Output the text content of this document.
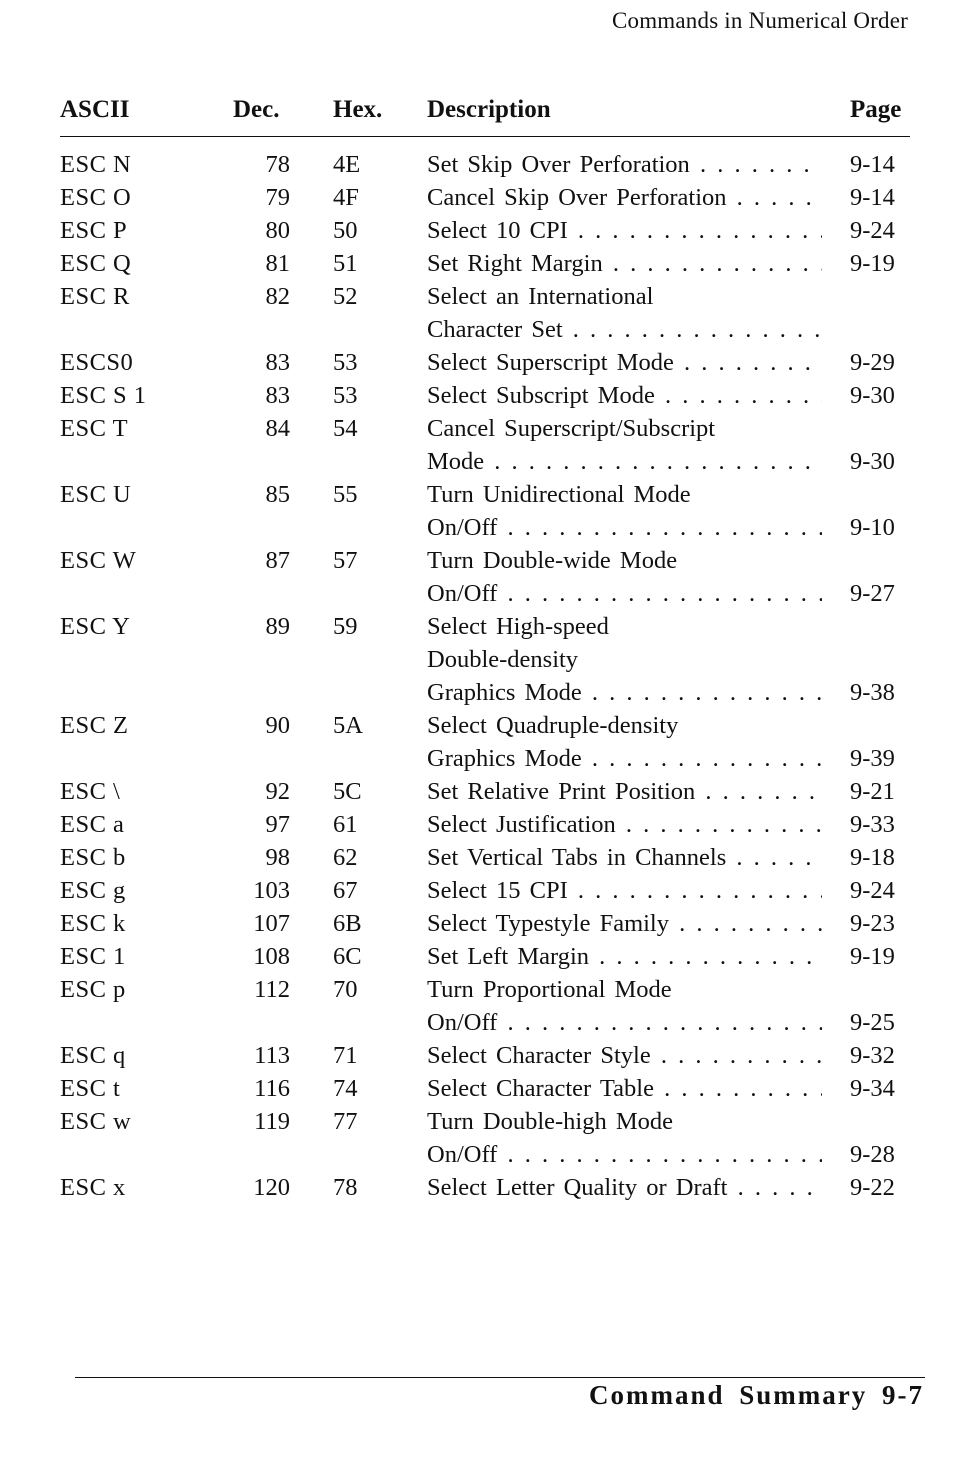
Commands in Numerical Order
ASCII	Dec. Hex. Description	Page
ESC N	78 4E	Set Skip Over Perforation . . .	9-14
ESC O	79 4F	Cancel Skip Over Perforation . . .	9-14
ESC P	80 50	Select 10 CPI . . .	9-24
ESC Q	81 51	Set Right Margin . . .	9-19
ESC R	82 52	Select an International
Character Set . . .
ESCS0	83 53	Select Superscript Mode . . .	9-29
ESC S 1	83 53	Select Subscript Mode . . .	9-30
ESC T	84 54	Cancel Superscript/Subscript
Mode . . .	9-30
ESC U	85 55	Turn Unidirectional Mode
On/Off . . .	9-10
ESC W	87 57	Turn Double-wide Mode
On/Off . . .	9-27
ESC Y	89 59	Select High-speed
Double-density
Graphics Mode . . .	9-38
ESC Z	90 5A	Select Quadruple-density
Graphics Mode . . .	9-39
ESC \	92 5C	Set Relative Print Position . . .	9-21
ESC a	97 61	Select Justification . . .	9-33
ESC b	98 62	Set Vertical Tabs in Channels . . .	9-18
ESC g	103 67	Select 15 CPI . . .	9-24
ESC k	107 6B	Select Typestyle Family . . .	9-23
ESC 1	108 6C	Set Left Margin . . .	9-19
ESC p	112 70	Turn Proportional Mode
On/Off . . .	9-25
ESC q	113 71	Select Character Style . . .	9-32
ESC t	116 74	Select Character Table . . .	9-34
ESC w	119 77	Turn Double-high Mode
On/Off . . .	9-28
ESC x	120 78	Select Letter Quality or Draft . . .	9-22
Command Summary 9-7
